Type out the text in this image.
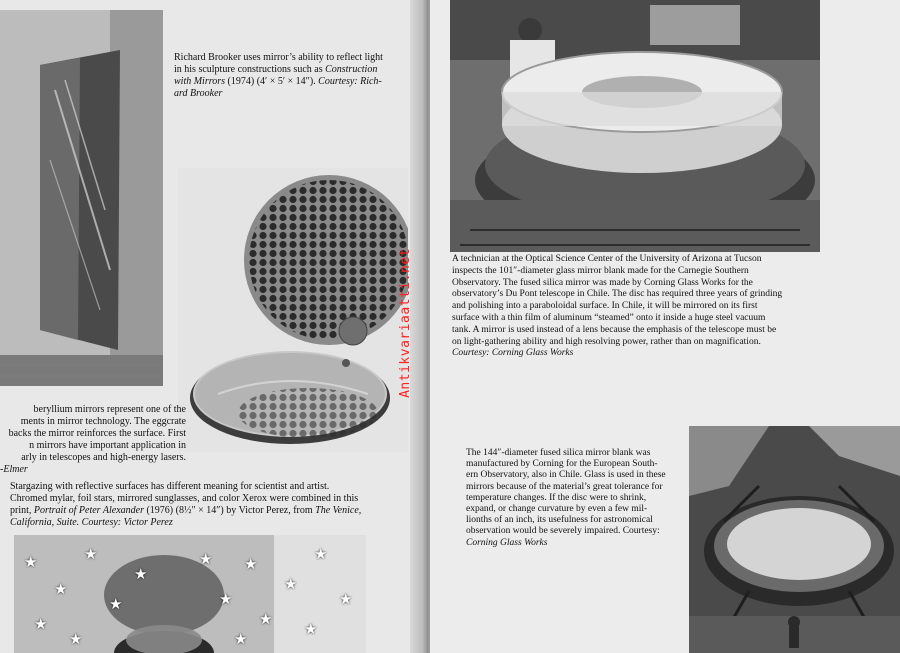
Richard Brooker uses mirror’s ability to reflect light
in his sculpture constructions such as Construction
with Mirrors (1974) (4′ × 5′ × 14″). Courtesy: Rich-
ard Brooker
beryllium mirrors represent one of the
ments in mirror technology. The eggcrate
backs the mirror reinforces the surface. First
n mirrors have important application in
arly in telescopes and high-energy lasers.
-Elmer
Stargazing with reflective surfaces has different meaning for scientist and artist.
Chromed mylar, foil stars, mirrored sunglasses, and color Xerox were combined in this
print, Portrait of Peter Alexander (1976) (8½″ × 14″) by Victor Perez, from The Venice,
California, Suite. Courtesy: Victor Perez
★
★
★
★
★
★
★
★
★
★
★
★
★
★
★
★
Antikvariaatti.net	A technician at the Optical Science Center of the University of Arizona at Tucson
inspects the 101″-diameter glass mirror blank made for the Carnegie Southern
Observatory. The fused silica mirror was made by Corning Glass Works for the
observatory’s Du Pont telescope in Chile. The disc has required three years of grinding
and polishing into a paraboloidal surface. In Chile, it will be mirrored on its first
surface with a thin film of aluminum “steamed” onto it inside a huge steel vacuum
tank. A mirror is used instead of a lens because the emphasis of the telescope must be
on light-gathering ability and high resolving power, rather than on magnification.
Courtesy: Corning Glass Works
The 144″-diameter fused silica mirror blank was
manufactured by Corning for the European South-
ern Observatory, also in Chile. Glass is used in these
mirrors because of the material’s great tolerance for
temperature changes. If the disc were to shrink,
expand, or change curvature by even a few mil-
lionths of an inch, its usefulness for astronomical
observation would be severely impaired. Courtesy:
Corning Glass Works
